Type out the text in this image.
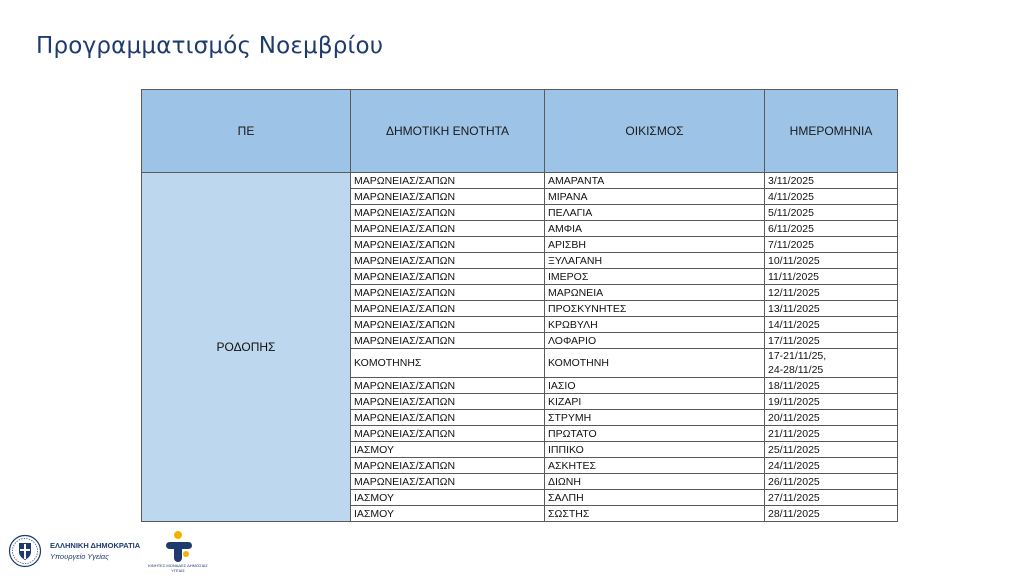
Προγραμματισμός Νοεμβρίου
ΠΕ	ΔΗΜΟΤΙΚΗ ΕΝΟΤΗΤΑ	ΟΙΚΙΣΜΟΣ	ΗΜΕΡΟΜΗΝΙΑ
ΡΟΔΟΠΗΣ	ΜΑΡΩΝΕΙΑΣ/ΣΑΠΩΝ	ΑΜΑΡΑΝΤΑ	3/11/2025
	ΜΑΡΩΝΕΙΑΣ/ΣΑΠΩΝ	ΜΙΡΑΝΑ	4/11/2025
	ΜΑΡΩΝΕΙΑΣ/ΣΑΠΩΝ	ΠΕΛΑΓΙΑ	5/11/2025
	ΜΑΡΩΝΕΙΑΣ/ΣΑΠΩΝ	ΑΜΦΙΑ	6/11/2025
	ΜΑΡΩΝΕΙΑΣ/ΣΑΠΩΝ	ΑΡΙΣΒΗ	7/11/2025
	ΜΑΡΩΝΕΙΑΣ/ΣΑΠΩΝ	ΞΥΛΑΓΑΝΗ	10/11/2025
	ΜΑΡΩΝΕΙΑΣ/ΣΑΠΩΝ	ΙΜΕΡΟΣ	11/11/2025
	ΜΑΡΩΝΕΙΑΣ/ΣΑΠΩΝ	ΜΑΡΩΝΕΙΑ	12/11/2025
	ΜΑΡΩΝΕΙΑΣ/ΣΑΠΩΝ	ΠΡΟΣΚΥΝΗΤΕΣ	13/11/2025
	ΜΑΡΩΝΕΙΑΣ/ΣΑΠΩΝ	ΚΡΩΒΥΛΗ	14/11/2025
	ΜΑΡΩΝΕΙΑΣ/ΣΑΠΩΝ	ΛΟΦΑΡΙΟ	17/11/2025
	ΚΟΜΟΤΗΝΗΣ	ΚΟΜΟΤΗΝΗ	17-21/11/25,
24-28/11/25

	ΜΑΡΩΝΕΙΑΣ/ΣΑΠΩΝ	ΙΑΣΙΟ	18/11/2025
	ΜΑΡΩΝΕΙΑΣ/ΣΑΠΩΝ	ΚΙΖΑΡΙ	19/11/2025
	ΜΑΡΩΝΕΙΑΣ/ΣΑΠΩΝ	ΣΤΡΥΜΗ	20/11/2025
	ΜΑΡΩΝΕΙΑΣ/ΣΑΠΩΝ	ΠΡΩΤΑΤΟ	21/11/2025
	ΙΑΣΜΟΥ	ΙΠΠΙΚΟ	25/11/2025
	ΜΑΡΩΝΕΙΑΣ/ΣΑΠΩΝ	ΑΣΚΗΤΕΣ	24/11/2025
	ΜΑΡΩΝΕΙΑΣ/ΣΑΠΩΝ	ΔΙΩΝΗ	26/11/2025
	ΙΑΣΜΟΥ	ΣΑΛΠΗ	27/11/2025
	ΙΑΣΜΟΥ	ΣΩΣΤΗΣ	28/11/2025
ΕΛΛΗΝΙΚΗ ΔΗΜΟΚΡΑΤΙΑ
Υπουργείο Υγείας
ΚΙΝΗΤΕΣ ΜΟΝΑΔΕΣ ΔΗΜΟΣΙΑΣ ΥΓΕΙΑΣ
